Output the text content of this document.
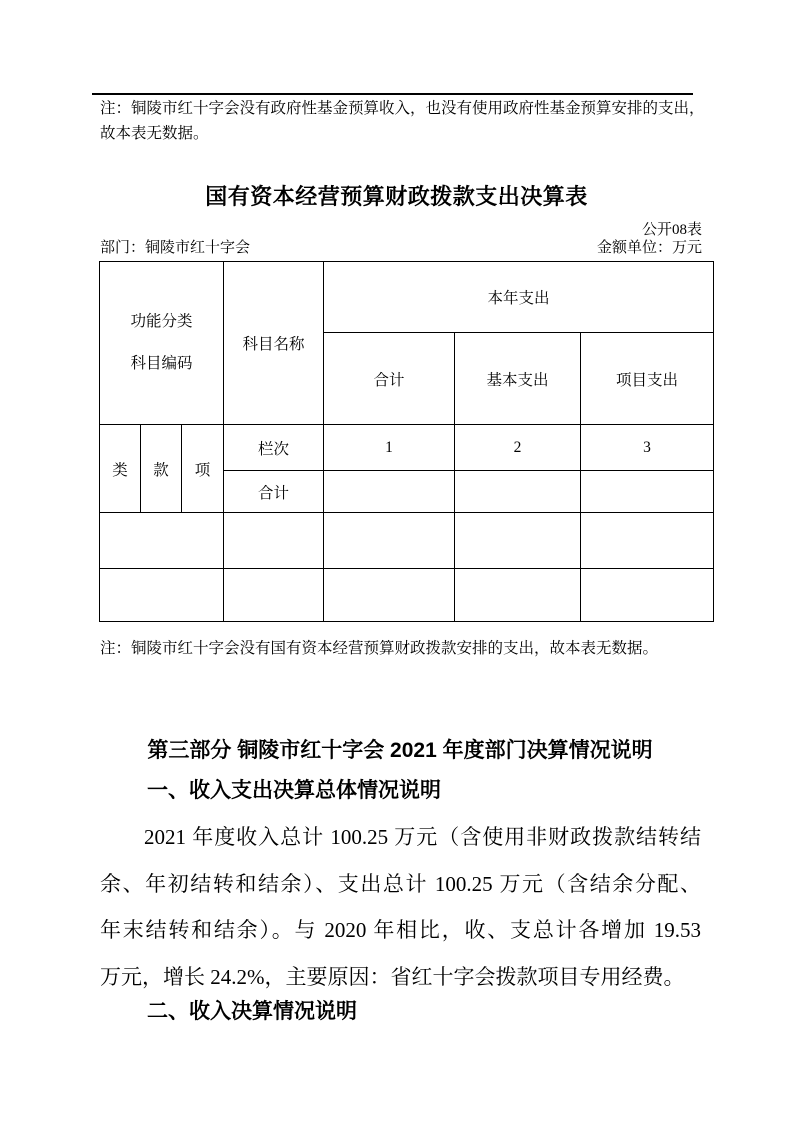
注：铜陵市红十字会没有政府性基金预算收入，也没有使用政府性基金预算安排的支出，
故本表无数据。
国有资本经营预算财政拨款支出决算表
公开08表
部门：铜陵市红十字会	金额单位：万元
功能分类
科目编码			科目名称	本年支出		
				合计	基本支出	项目支出
类	款	项	栏次	1	2	3
			合计			

注：铜陵市红十字会没有国有资本经营预算财政拨款安排的支出，故本表无数据。
第三部分 铜陵市红十字会 2021 年度部门决算情况说明
一、收入支出决算总体情况说明
2021 年度收入总计 100.25 万元（含使用非财政拨款结转结
余、年初结转和结余）、支出总计 100.25 万元（含结余分配、
年末结转和结余）。与 2020 年相比，收、支总计各增加 19.53
万元，增长 24.2%，主要原因：省红十字会拨款项目专用经费。
二、收入决算情况说明
